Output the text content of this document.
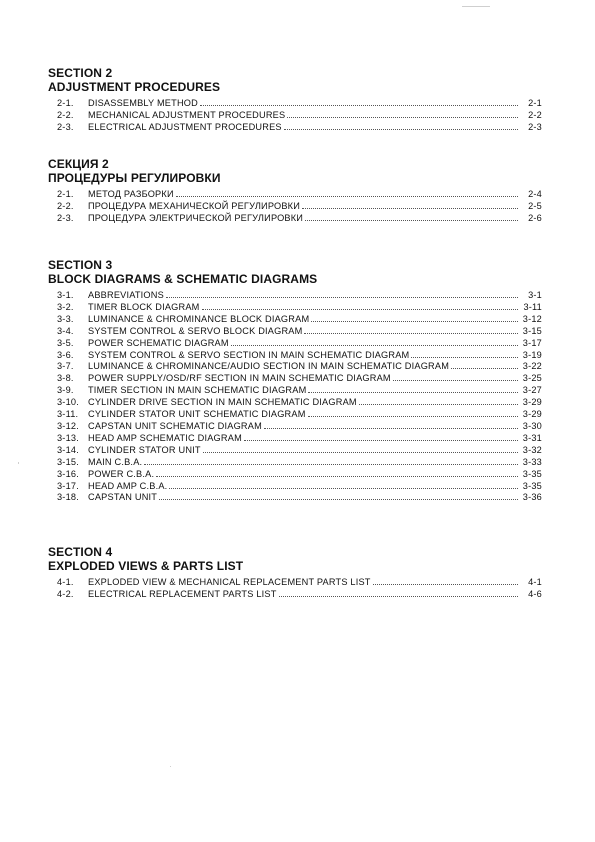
SECTION 2
ADJUSTMENT PROCEDURES
2-1.	DISASSEMBLY METHOD	2-1
2-2.	MECHANICAL ADJUSTMENT PROCEDURES	2-2
2-3.	ELECTRICAL ADJUSTMENT PROCEDURES	2-3
СЕКЦИЯ 2
ПРОЦЕДУРЫ РЕГУЛИРОВКИ
2-1.	МЕТОД РАЗБОРКИ	2-4
2-2.	ПРОЦЕДУРА МЕХАНИЧЕСКОЙ РЕГУЛИРОВКИ	2-5
2-3.	ПРОЦЕДУРА ЭЛЕКТРИЧЕСКОЙ РЕГУЛИРОВКИ	2-6
SECTION 3
BLOCK DIAGRAMS & SCHEMATIC DIAGRAMS
3-1.	ABBREVIATIONS	3-1
3-2.	TIMER BLOCK DIAGRAM	3-11
3-3.	LUMINANCE & CHROMINANCE BLOCK DIAGRAM	3-12
3-4.	SYSTEM CONTROL & SERVO BLOCK DIAGRAM	3-15
3-5.	POWER SCHEMATIC DIAGRAM	3-17
3-6.	SYSTEM CONTROL & SERVO SECTION IN MAIN SCHEMATIC DIAGRAM	3-19
3-7.	LUMINANCE & CHROMINANCE/AUDIO SECTION IN MAIN SCHEMATIC DIAGRAM	3-22
3-8.	POWER SUPPLY/OSD/RF SECTION IN MAIN SCHEMATIC DIAGRAM	3-25
3-9.	TIMER SECTION IN MAIN SCHEMATIC DIAGRAM	3-27
3-10. CYLINDER DRIVE SECTION IN MAIN SCHEMATIC DIAGRAM	3-29
3-11.	CYLINDER STATOR UNIT SCHEMATIC DIAGRAM	3-29
3-12. CAPSTAN UNIT SCHEMATIC DIAGRAM	3-30
3-13. HEAD AMP SCHEMATIC DIAGRAM	3-31
3-14. CYLINDER STATOR UNIT	3-32
3-15. MAIN C.B.A.	3-33
3-16. POWER C.B.A.	3-35
3-17. HEAD AMP C.B.A.	3-35
3-18. CAPSTAN UNIT	3-36
SECTION 4
EXPLODED VIEWS & PARTS LIST
4-1.	EXPLODED VIEW & MECHANICAL REPLACEMENT PARTS LIST	4-1
4-2.	ELECTRICAL REPLACEMENT PARTS LIST	4-6
